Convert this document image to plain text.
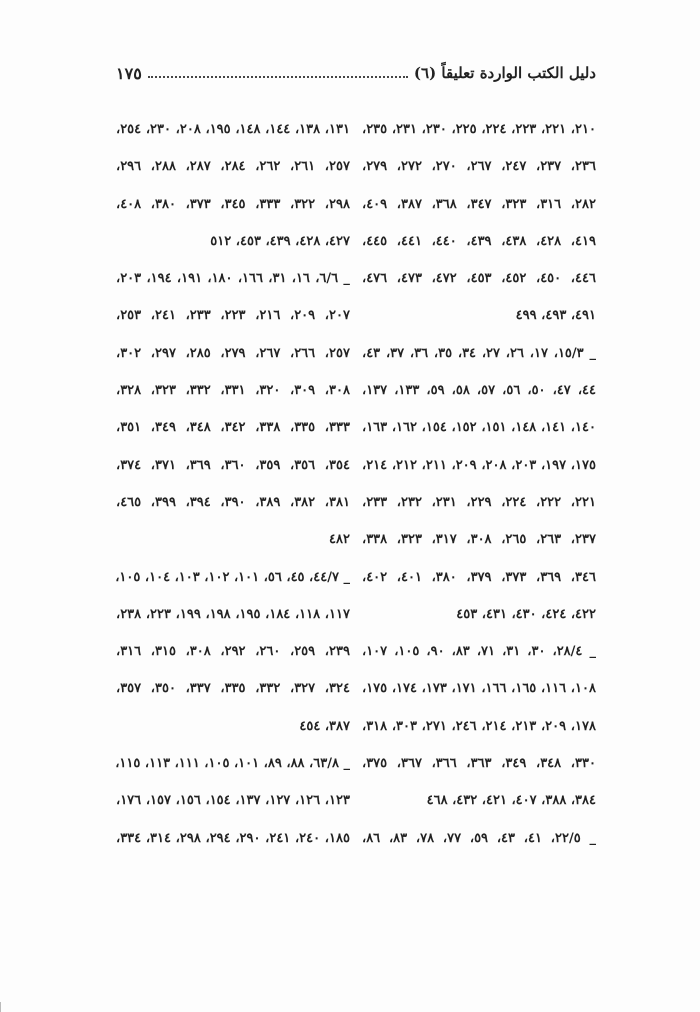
دليل الكتب الواردة تعليقاً (٦)
١٧٥
٢١٠، ٢٢١، ٢٢٣، ٢٢٤، ٢٢٥، ٢٣٠، ٢٣١، ٢٣٥،
٢٣٦، ٢٣٧، ٢٤٧، ٢٦٧، ٢٧٠، ٢٧٢، ٢٧٩،
٢٨٢، ٣١٦، ٣٢٣، ٣٤٧، ٣٦٨، ٣٨٧، ٤٠٩،
٤١٩، ٤٢٨، ٤٣٨، ٤٣٩، ٤٤٠، ٤٤١، ٤٤٥،
٤٤٦، ٤٥٠، ٤٥٢، ٤٥٣، ٤٧٢، ٤٧٣، ٤٧٦،
٤٩١، ٤٩٣، ٤٩٩
_ ١٥/٣، ١٧، ٢٦، ٢٧، ٣٤، ٣٥، ٣٦، ٣٧، ٤٣،
٤٤، ٤٧، ٥٠، ٥٦، ٥٧، ٥٨، ٥٩، ١٣٣، ١٣٧،
١٤٠، ١٤١، ١٤٨، ١٥١، ١٥٢، ١٥٤، ١٦٢، ١٦٣،
١٧٥، ١٩٧، ٢٠٣، ٢٠٨، ٢٠٩، ٢١١، ٢١٢، ٢١٤،
٢٢١، ٢٢٢، ٢٢٤، ٢٢٩، ٢٣١، ٢٣٢، ٢٣٣،
٢٣٧، ٢٦٣، ٢٦٥، ٣٠٨، ٣١٧، ٣٢٣، ٣٣٨،
٣٤٦، ٣٦٩، ٣٧٣، ٣٧٩، ٣٨٠، ٤٠١، ٤٠٢،
٤٢٢، ٤٢٤، ٤٣٠، ٤٣١، ٤٥٣
_ ٢٨/٤، ٣٠، ٣١، ٧١، ٨٣، ٩٠، ١٠٥، ١٠٧،
١٠٨، ١١٦، ١٦٥، ١٦٦، ١٧١، ١٧٣، ١٧٤، ١٧٥،
١٧٨، ٢٠٩، ٢١٣، ٢١٤، ٢٤٦، ٢٧١، ٣٠٣، ٣١٨،
٣٣٠، ٣٤٨، ٣٤٩، ٣٦٣، ٣٦٦، ٣٦٧، ٣٧٥،
٣٨٤، ٣٨٨، ٤٠٧، ٤٢١، ٤٣٢، ٤٦٨
_ ٢٢/٥، ٤١، ٤٣، ٥٩، ٧٧، ٧٨، ٨٣، ٨٦،
١٣١، ١٣٨، ١٤٤، ١٤٨، ١٩٥، ٢٠٨، ٢٣٠، ٢٥٤،
٢٥٧، ٢٦١، ٢٦٢، ٢٨٤، ٢٨٧، ٢٨٨، ٢٩٦،
٢٩٨، ٣٢٢، ٣٣٣، ٣٤٥، ٣٧٣، ٣٨٠، ٤٠٨،
٤٢٧، ٤٢٨، ٤٣٩، ٤٥٣، ٥١٢
_ ٦/٦، ١٦، ٣١، ١٦٦، ١٨٠، ١٩١، ١٩٤، ٢٠٣،
٢٠٧، ٢٠٩، ٢١٦، ٢٢٣، ٢٣٣، ٢٤١، ٢٥٣،
٢٥٧، ٢٦٦، ٢٦٧، ٢٧٩، ٢٨٥، ٢٩٧، ٣٠٢،
٣٠٨، ٣٠٩، ٣٢٠، ٣٣١، ٣٣٢، ٣٢٣، ٣٢٨،
٣٣٣، ٣٣٥، ٣٣٨، ٣٤٢، ٣٤٨، ٣٤٩، ٣٥١،
٣٥٤، ٣٥٦، ٣٥٩، ٣٦٠، ٣٦٩، ٣٧١، ٣٧٤،
٣٨١، ٣٨٢، ٣٨٩، ٣٩٠، ٣٩٤، ٣٩٩، ٤٦٥،
٤٨٢
_ ٤٤/٧، ٤٥، ٥٦، ١٠١، ١٠٢، ١٠٣، ١٠٤، ١٠٥،
١١٧، ١١٨، ١٨٤، ١٩٥، ١٩٨، ١٩٩، ٢٢٣، ٢٣٨،
٢٣٩، ٢٥٩، ٢٦٠، ٢٩٢، ٣٠٨، ٣١٥، ٣١٦،
٣٢٤، ٣٢٧، ٣٣٢، ٣٣٥، ٣٣٧، ٣٥٠، ٣٥٧،
٣٨٧، ٤٥٤
_ ٦٣/٨، ٨٨، ٨٩، ١٠١، ١٠٥، ١١١، ١١٣، ١١٥،
١٢٣، ١٢٦، ١٢٧، ١٣٧، ١٥٤، ١٥٦، ١٥٧، ١٧٦،
١٨٥، ٢٤٠، ٢٤١، ٢٩٠، ٢٩٤، ٢٩٨، ٣١٤، ٣٣٤،
